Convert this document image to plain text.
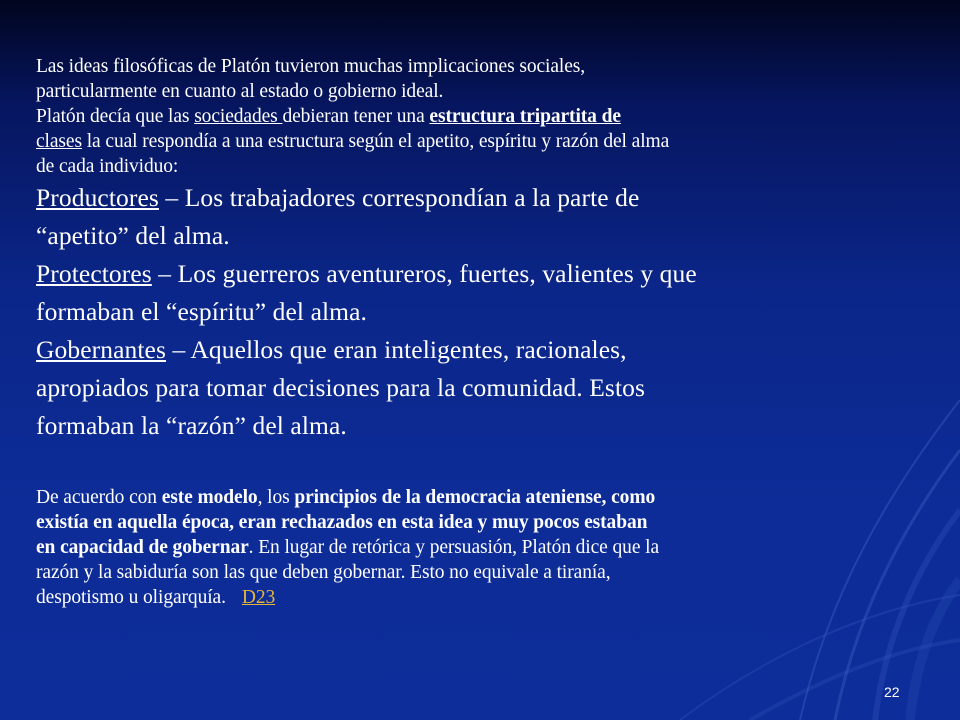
Las ideas filosóficas de Platón tuvieron muchas implicaciones sociales,
particularmente en cuanto al estado o gobierno ideal.

Platón decía que las sociedades debieran tener una estructura tripartita de
clases la cual respondía a una estructura según el apetito, espíritu y razón del alma
de cada individuo:

Productores – Los trabajadores correspondían a la parte de
“apetito” del alma.

Protectores – Los guerreros aventureros, fuertes, valientes y que
formaban el “espíritu” del alma.

Gobernantes – Aquellos que eran inteligentes, racionales,
apropiados para tomar decisiones para la comunidad. Estos
formaban la “razón” del alma.

De acuerdo con este modelo, los principios de la democracia ateniense, como
existía en aquella época, eran rechazados en esta idea y muy pocos estaban
en capacidad de gobernar. En lugar de retórica y persuasión, Platón dice que la
razón y la sabiduría son las que deben gobernar. Esto no equivale a tiranía,
despotismo u oligarquía. D23

22
